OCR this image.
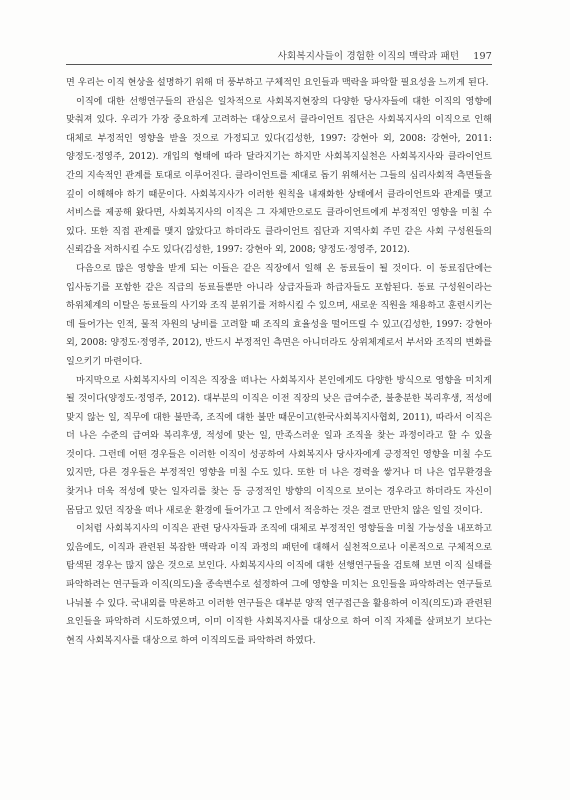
사회복지사들이 경험한 이직의 맥락과 패턴 197

면 우리는 이직 현상을 설명하기 위해 더 풍부하고 구체적인 요인들과 맥락을 파악할 필요성을 느끼게 된다.

이직에 대한 선행연구들의 관심은 일차적으로 사회복지현장의 다양한 당사자들에 대한 이직의 영향에 맞춰져 있다. 우리가 가장 중요하게 고려하는 대상으로서 클라이언트 집단은 사회복지사의 이직으로 인해 대체로 부정적인 영향을 받을 것으로 가정되고 있다(김성한, 1997: 강현아 외, 2008: 강현아, 2011: 양정도·정영주, 2012). 개입의 형태에 따라 달라지기는 하지만 사회복지실천은 사회복지사와 클라이언트 간의 지속적인 관계를 토대로 이루어진다. 클라이언트를 제대로 돕기 위해서는 그들의 심리사회적 측면들을 깊이 이해해야 하기 때문이다. 사회복지사가 이러한 원칙을 내재화한 상태에서 클라이언트와 관계를 맺고 서비스를 제공해 왔다면, 사회복지사의 이직은 그 자체만으로도 클라이언트에게 부정적인 영향을 미칠 수 있다. 또한 직접 관계를 맺지 않았다고 하더라도 클라이언트 집단과 지역사회 주민 같은 사회 구성원들의 신뢰감을 저하시킬 수도 있다(김성한, 1997: 강현아 외, 2008; 양정도·정영주, 2012).

다음으로 많은 영향을 받게 되는 이들은 같은 직장에서 일해 온 동료들이 될 것이다. 이 동료집단에는 입사동기를 포함한 같은 직급의 동료들뿐만 아니라 상급자들과 하급자들도 포함된다. 동료 구성원이라는 하위체계의 이탈은 동료들의 사기와 조직 분위기를 저하시킬 수 있으며, 새로운 직원을 채용하고 훈련시키는 데 들어가는 인적, 물적 자원의 낭비를 고려할 때 조직의 효율성을 떨어뜨릴 수 있고(김성한, 1997: 강현아 외, 2008: 양정도·정영주, 2012), 반드시 부정적인 측면은 아니더라도 상위체계로서 부서와 조직의 변화를 일으키기 마련이다.

마지막으로 사회복지사의 이직은 직장을 떠나는 사회복지사 본인에게도 다양한 방식으로 영향을 미치게 될 것이다(양정도·정영주, 2012). 대부분의 이직은 이전 직장의 낮은 급여수준, 불충분한 복리후생, 적성에 맞지 않는 일, 직무에 대한 불만족, 조직에 대한 불만 때문이고(한국사회복지사협회, 2011), 따라서 이직은 더 나은 수준의 급여와 복리후생, 적성에 맞는 일, 만족스러운 일과 조직을 찾는 과정이라고 할 수 있을 것이다. 그런데 어떤 경우들은 이러한 이직이 성공하여 사회복지사 당사자에게 긍정적인 영향을 미칠 수도 있지만, 다른 경우들은 부정적인 영향을 미칠 수도 있다. 또한 더 나은 경력을 쌓거나 더 나은 업무환경을 찾거나 더욱 적성에 맞는 일자리를 찾는 등 긍정적인 방향의 이직으로 보이는 경우라고 하더라도 자신이 몸담고 있던 직장을 떠나 새로운 환경에 들어가고 그 안에서 적응하는 것은 결코 만만치 않은 일일 것이다.

이처럼 사회복지사의 이직은 관련 당사자들과 조직에 대체로 부정적인 영향들을 미칠 가능성을 내포하고 있음에도, 이직과 관련된 복잡한 맥락과 이직 과정의 패턴에 대해서 실천적으로나 이론적으로 구체적으로 탐색된 경우는 많지 않은 것으로 보인다. 사회복지사의 이직에 대한 선행연구들을 검토해 보면 이직 실태를 파악하려는 연구들과 이직(의도)을 종속변수로 설정하여 그에 영향을 미치는 요인들을 파악하려는 연구들로 나눠볼 수 있다. 국내외를 막론하고 이러한 연구들은 대부분 양적 연구접근을 활용하여 이직(의도)과 관련된 요인들을 파악하려 시도하였으며, 이미 이직한 사회복지사를 대상으로 하여 이직 자체를 살펴보기 보다는 현직 사회복지사를 대상으로 하여 이직의도를 파악하려 하였다.
